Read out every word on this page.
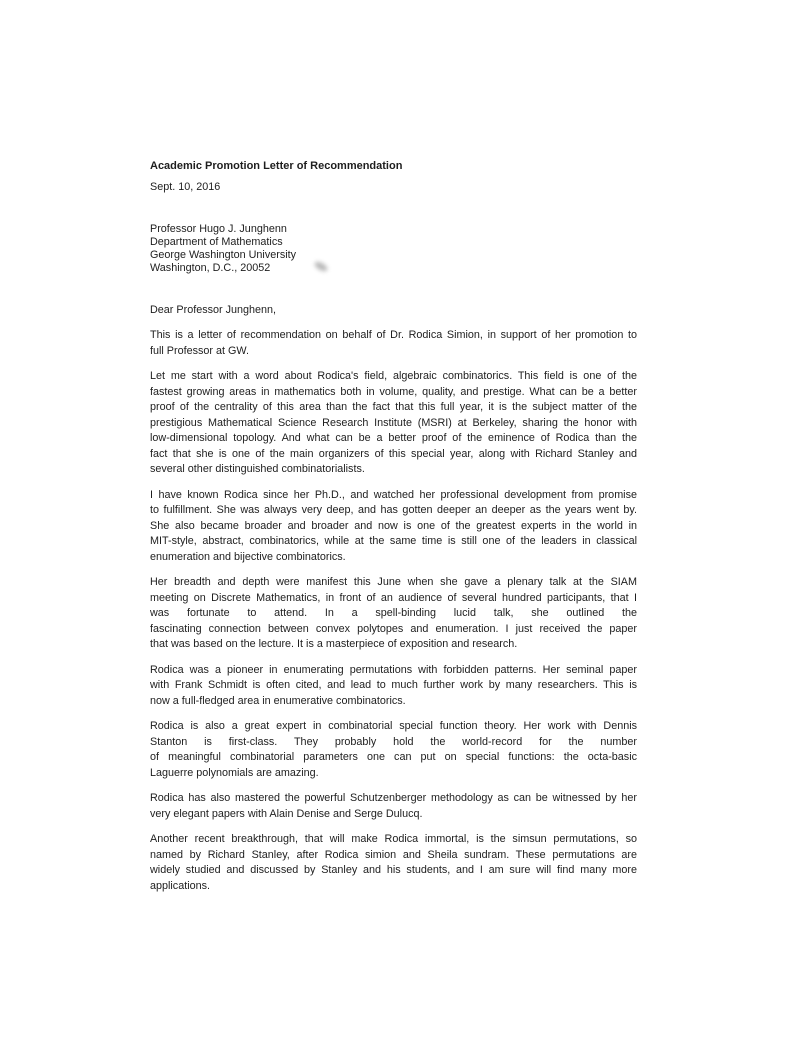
Academic Promotion Letter of Recommendation
Sept. 10, 2016
Professor Hugo J. Junghenn
Department of Mathematics
George Washington University
Washington, D.C., 20052
Dear Professor Junghenn,
This is a letter of recommendation on behalf of Dr. Rodica Simion, in support of her promotion to
full Professor at GW.
Let me start with a word about Rodica's field, algebraic combinatorics. This field is one of the
fastest growing areas in mathematics both in volume, quality, and prestige. What can be a better
proof of the centrality of this area than the fact that this full year, it is the subject matter of the
prestigious Mathematical Science Research Institute (MSRI) at Berkeley, sharing the honor with
low-dimensional topology. And what can be a better proof of the eminence of Rodica than the
fact that she is one of the main organizers of this special year, along with Richard Stanley and
several other distinguished combinatorialists.
I have known Rodica since her Ph.D., and watched her professional development from promise
to fulfillment. She was always very deep, and has gotten deeper an deeper as the years went by.
She also became broader and broader and now is one of the greatest experts in the world in
MIT-style, abstract, combinatorics, while at the same time is still one of the leaders in classical
enumeration and bijective combinatorics.
Her breadth and depth were manifest this June when she gave a plenary talk at the SIAM
meeting on Discrete Mathematics, in front of an audience of several hundred participants, that I
was fortunate to attend. In a spell-binding lucid talk, she outlined the
fascinating connection between convex polytopes and enumeration. I just received the paper
that was based on the lecture. It is a masterpiece of exposition and research.
Rodica was a pioneer in enumerating permutations with forbidden patterns. Her seminal paper
with Frank Schmidt is often cited, and lead to much further work by many researchers. This is
now a full-fledged area in enumerative combinatorics.
Rodica is also a great expert in combinatorial special function theory. Her work with Dennis
Stanton is first-class. They probably hold the world-record for the number
of meaningful combinatorial parameters one can put on special functions: the octa-basic
Laguerre polynomials are amazing.
Rodica has also mastered the powerful Schutzenberger methodology as can be witnessed by her
very elegant papers with Alain Denise and Serge Dulucq.
Another recent breakthrough, that will make Rodica immortal, is the simsun permutations, so
named by Richard Stanley, after Rodica simion and Sheila sundram. These permutations are
widely studied and discussed by Stanley and his students, and I am sure will find many more
applications.
